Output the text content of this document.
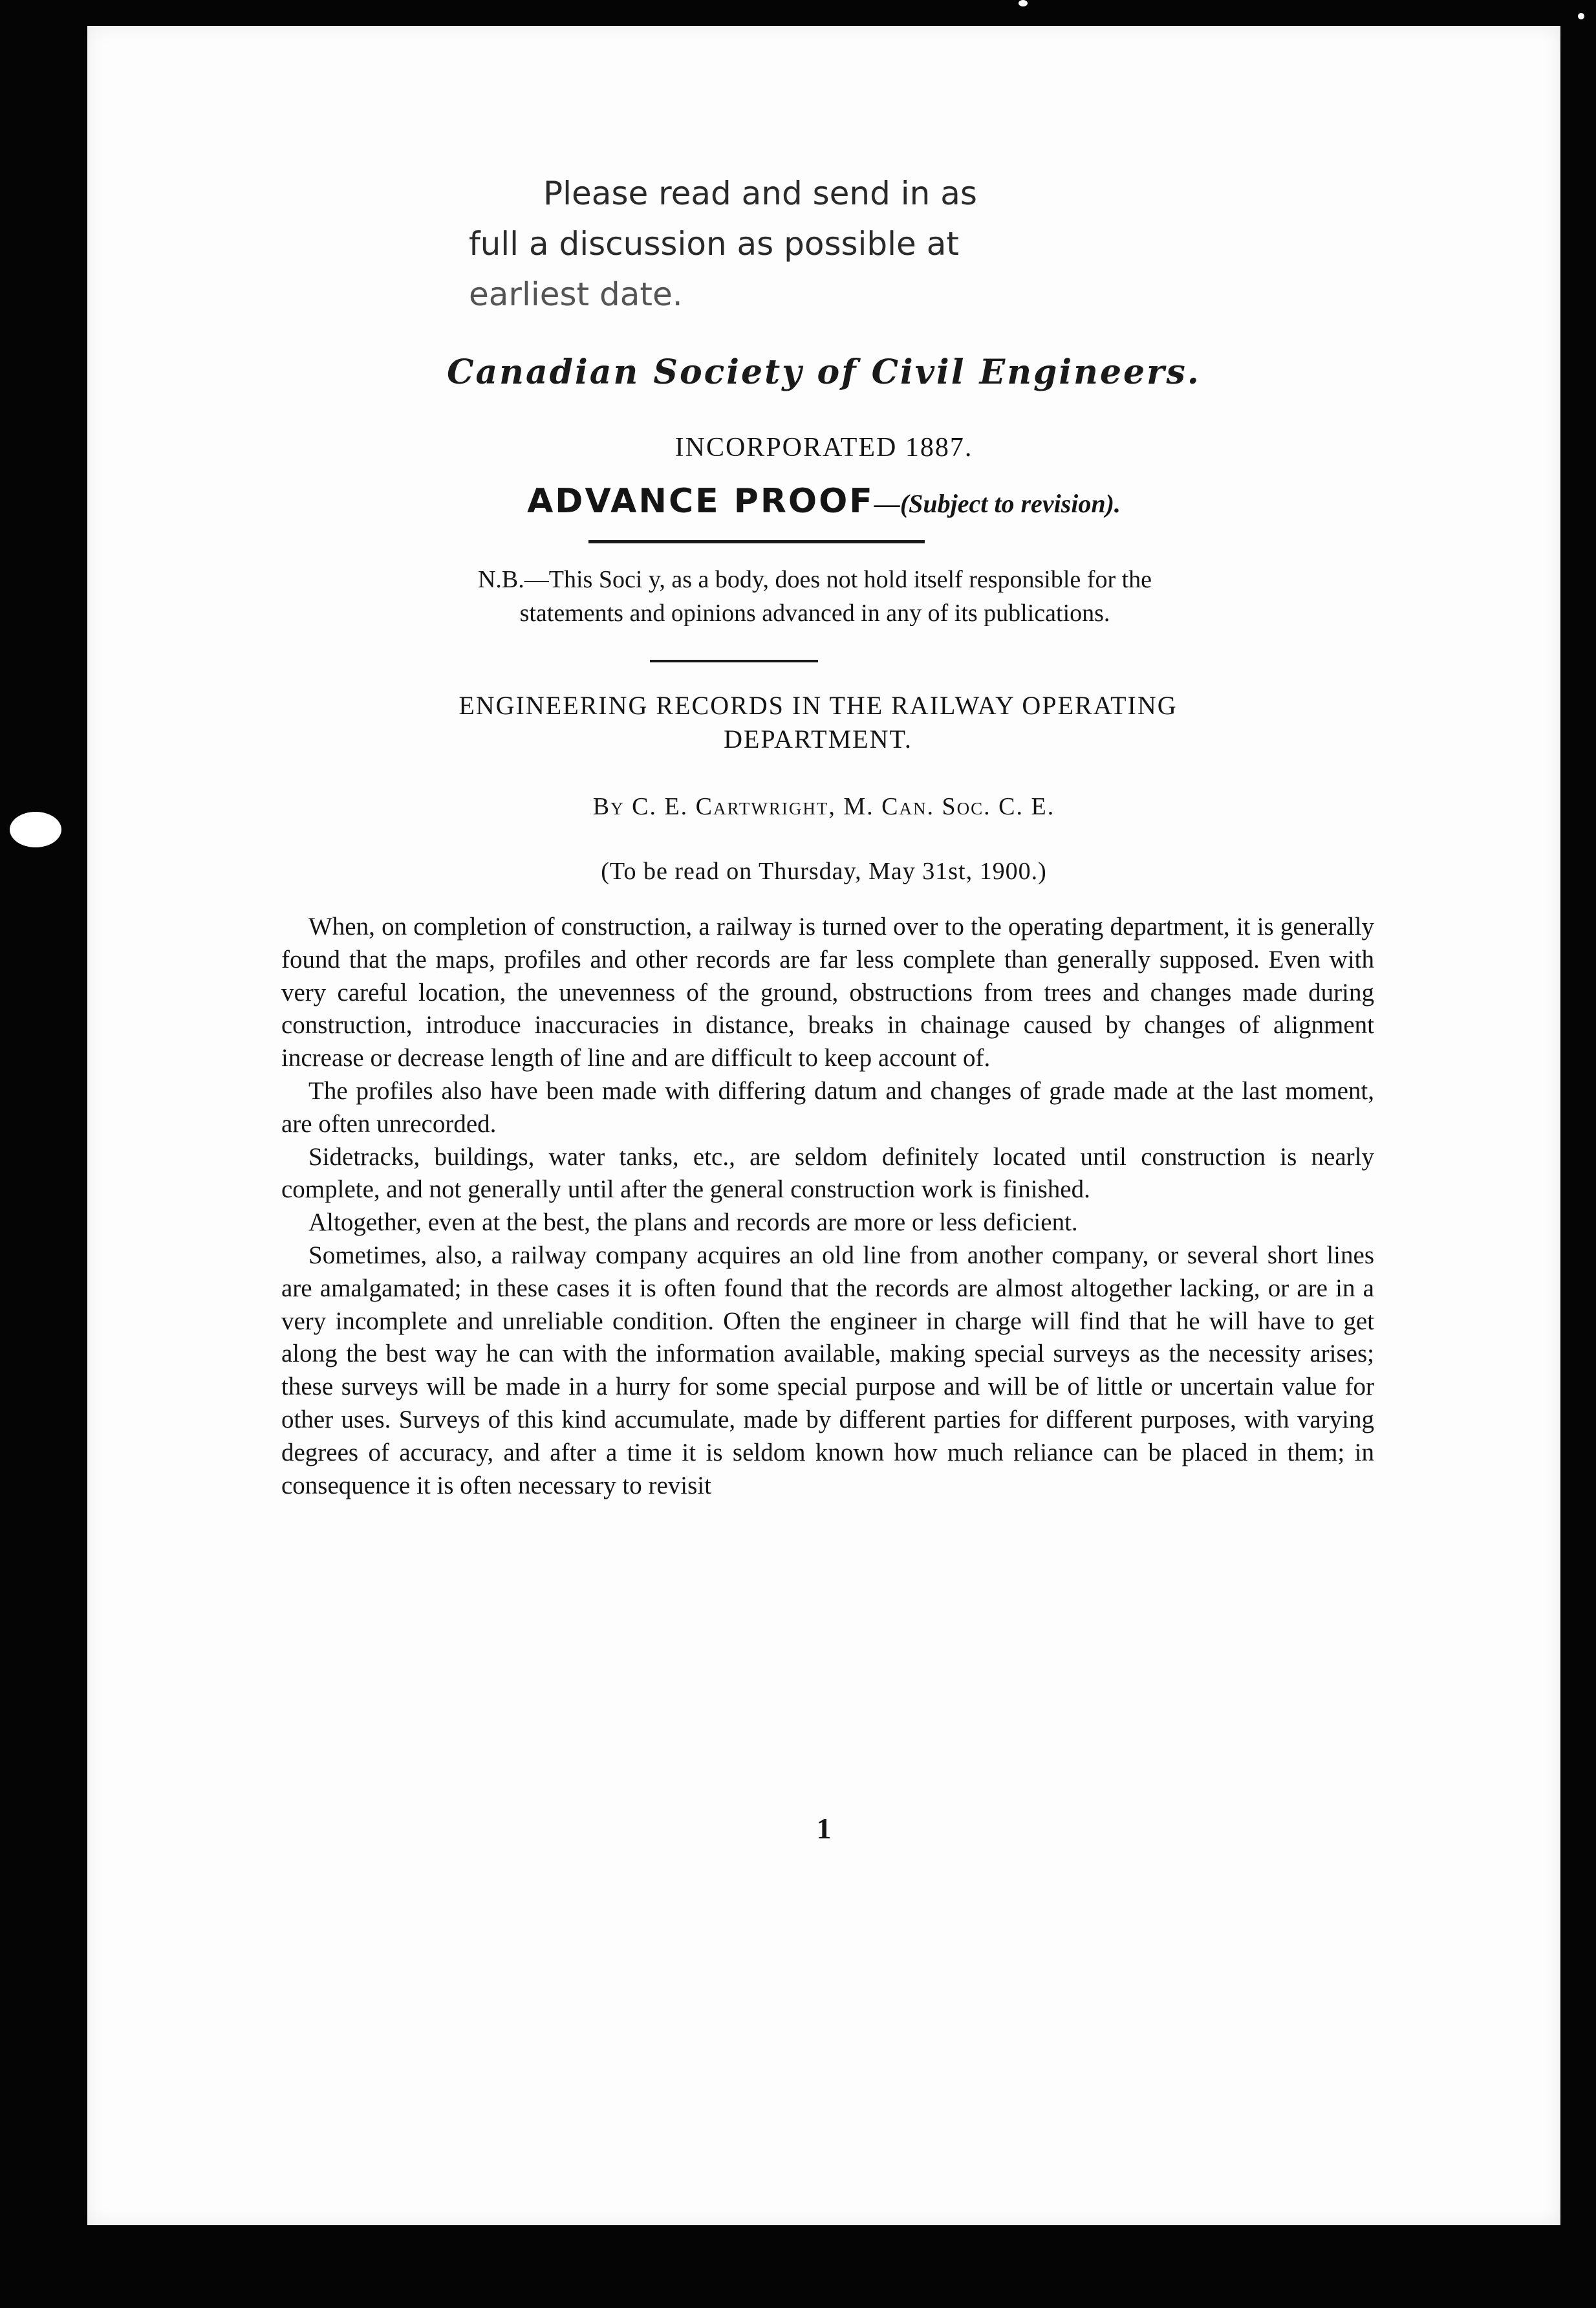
Please read and send in as
full a discussion as possible at
earliest date.
Canadian Society of Civil Engineers.
INCORPORATED 1887.
ADVANCE PROOF—(Subject to revision).
N.B.—This Soci y, as a body, does not hold itself responsible for the
statements and opinions advanced in any of its publications.
ENGINEERING RECORDS IN THE RAILWAY OPERATING
DEPARTMENT.
By C. E. Cartwright, M. Can. Soc. C. E.
(To be read on Thursday, May 31st, 1900.)

When, on completion of construction, a railway is turned over to the operating department, it is generally found that the maps, profiles and other records are far less complete than generally supposed. Even with very careful location, the unevenness of the ground, obstructions from trees and changes made during construction, introduce inaccuracies in distance, breaks in chainage caused by changes of alignment increase or decrease length of line and are difficult to keep account of.

The profiles also have been made with differing datum and changes of grade made at the last moment, are often unrecorded.

Sidetracks, buildings, water tanks, etc., are seldom definitely located until construction is nearly complete, and not generally until after the general construction work is finished.

Altogether, even at the best, the plans and records are more or less deficient.

Sometimes, also, a railway company acquires an old line from another company, or several short lines are amalgamated; in these cases it is often found that the records are almost altogether lacking, or are in a very incomplete and unreliable condition. Often the engineer in charge will find that he will have to get along the best way he can with the information available, making special surveys as the necessity arises; these surveys will be made in a hurry for some special purpose and will be of little or uncertain value for other uses. Surveys of this kind accumulate, made by different parties for different purposes, with varying degrees of accuracy, and after a time it is seldom known how much reliance can be placed in them; in consequence it is often necessary to revisit

1
